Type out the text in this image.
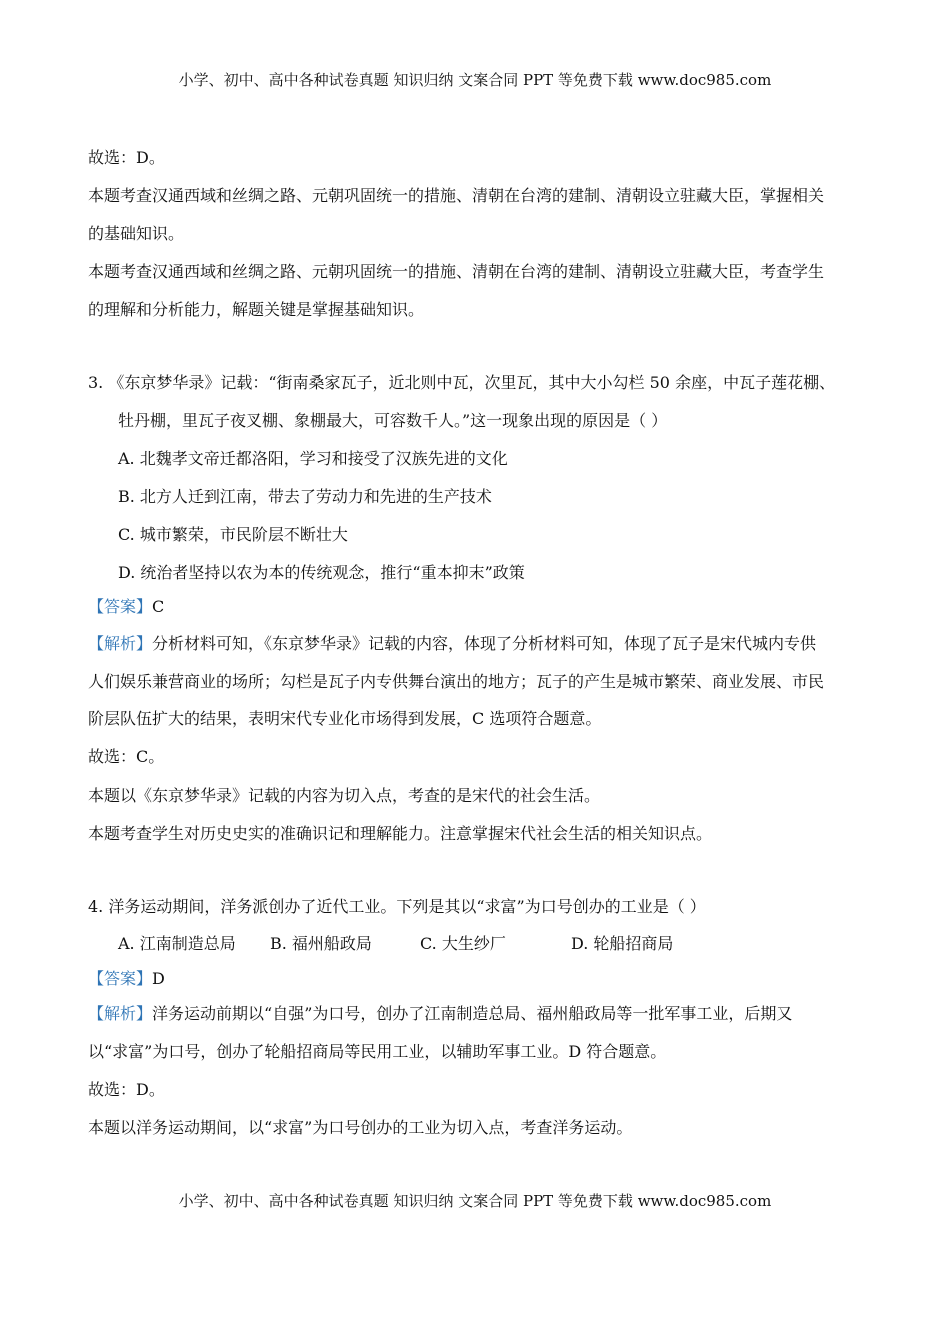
小学、初中、高中各种试卷真题 知识归纳 文案合同 PPT 等免费下载 www.doc985.com
故选：D。
本题考查汉通西域和丝绸之路、元朝巩固统一的措施、清朝在台湾的建制、清朝设立驻藏大臣，掌握相关
的基础知识。
本题考查汉通西域和丝绸之路、元朝巩固统一的措施、清朝在台湾的建制、清朝设立驻藏大臣，考查学生
的理解和分析能力，解题关键是掌握基础知识。
3. 《东京梦华录》记载：“街南桑家瓦子，近北则中瓦，次里瓦，其中大小勾栏 50 余座，中瓦子莲花棚、
牡丹棚，里瓦子夜叉棚、象棚最大，可容数千人。”这一现象出现的原因是（ ）
A. 北魏孝文帝迁都洛阳，学习和接受了汉族先进的文化
B. 北方人迁到江南，带去了劳动力和先进的生产技术
C. 城市繁荣，市民阶层不断壮大
D. 统治者坚持以农为本的传统观念，推行“重本抑末”政策
【答案】C
【解析】分析材料可知，《东京梦华录》记载的内容，体现了分析材料可知，体现了瓦子是宋代城内专供
人们娱乐兼营商业的场所；勾栏是瓦子内专供舞台演出的地方；瓦子的产生是城市繁荣、商业发展、市民
阶层队伍扩大的结果，表明宋代专业化市场得到发展，C 选项符合题意。
故选：C。
本题以《东京梦华录》记载的内容为切入点，考查的是宋代的社会生活。
本题考查学生对历史史实的准确识记和理解能力。注意掌握宋代社会生活的相关知识点。
4. 洋务运动期间，洋务派创办了近代工业。下列是其以“求富”为口号创办的工业是（ ）
A. 江南制造总局 B. 福州船政局	C. 大生纱厂	D. 轮船招商局
【答案】D
【解析】洋务运动前期以“自强”为口号，创办了江南制造总局、福州船政局等一批军事工业，后期又
以“求富”为口号，创办了轮船招商局等民用工业，以辅助军事工业。D 符合题意。
故选：D。
本题以洋务运动期间，以“求富”为口号创办的工业为切入点，考查洋务运动。
小学、初中、高中各种试卷真题 知识归纳 文案合同 PPT 等免费下载 www.doc985.com
